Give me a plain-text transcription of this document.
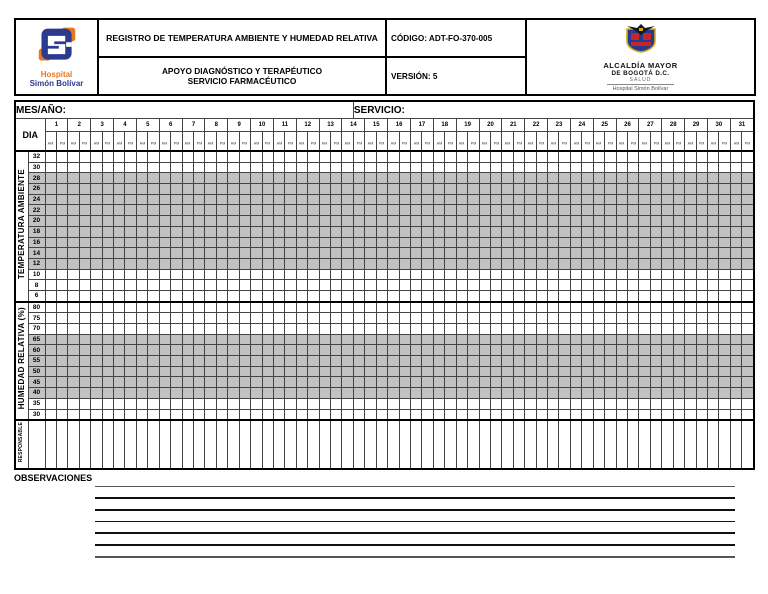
Hospital
Simón Bolívar
REGISTRO DE TEMPERATURA AMBIENTE Y HUMEDAD RELATIVA
APOYO DIAGNÓSTICO Y TERAPÉUTICO
SERVICIO FARMACÉUTICO
CÓDIGO: ADT-FO-370-005
VERSIÓN: 5
ALCALDÍA MAYOR
DE BOGOTÁ D.C.
SALUD
Hospital Simón Bolívar
MES/AÑO:																													SERVICIO:																																		
DIA		1		2		3		4		5		6		7		8		9		10		11		12		13		14		15		16		17		18		19		20		21		22		23		24		25		26		27		28		29		30		31	
		AM	PM	AM	PM	AM	PM	AM	PM	AM	PM	AM	PM	AM	PM	AM	PM	AM	PM	AM	PM	AM	PM	AM	PM	AM	PM	AM	PM	AM	PM	AM	PM	AM	PM	AM	PM	AM	PM	AM	PM	AM	PM	AM	PM	AM	PM	AM	PM	AM	PM	AM	PM	AM	PM	AM	PM	AM	PM	AM	PM	AM	PM
TEMPERATURA AMBIENTE	32																																																														
	30																																																														
	28																																																														
	26																																																														
	24																																																														
	22																																																														
	20																																																														
	18																																																														
	16																																																														
	14																																																														
	12																																																														
	10																																																														
	8																																																														
	6																																																														
HUMEDAD RELATIVA (%)	80																																																														
	75																																																														
	70																																																														
	65																																																														
	60																																																														
	55																																																														
	50																																																														
	45																																																														
	40																																																														
	35																																																														
	30																																																														
RESPONSABLE																																																															
OBSERVACIONES
